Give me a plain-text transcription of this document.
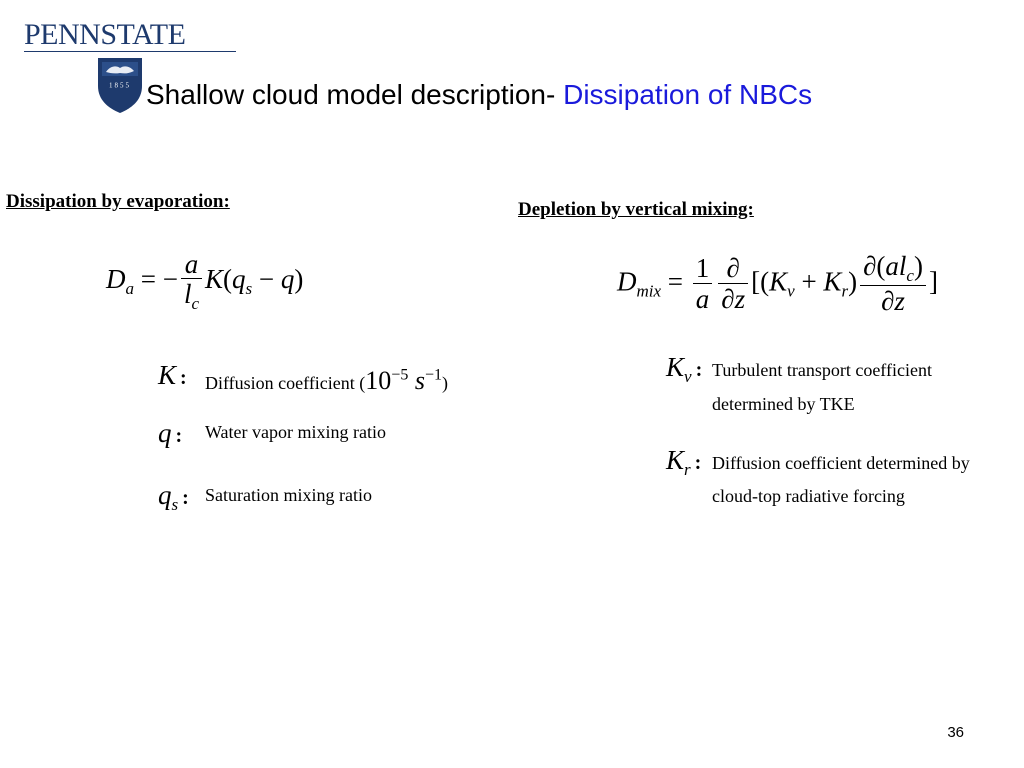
PENNSTATE
1855 Shallow cloud model description- Dissipation of NBCs
Dissipation by evaporation:
$D_a$ = − $\frac{a}{l_c} K(q_s - q)$
K : Diffusion coefficient ($10^{-5}$ $s^{-1}$)
q : Water vapor mixing ratio
$q_s$ : Saturation mixing ratio
Depletion by vertical mixing:
$D_{mix} = \frac{1}{a} \frac{\partial}{\partial z} [(K_v + K_r) \frac{\partial(al_c)}{\partial z}$ ]
$K_v$ : Turbulent transport coefficient
determined by TKE
$K_r$ : Diffusion coefficient determined by
cloud-top radiative forcing
36
